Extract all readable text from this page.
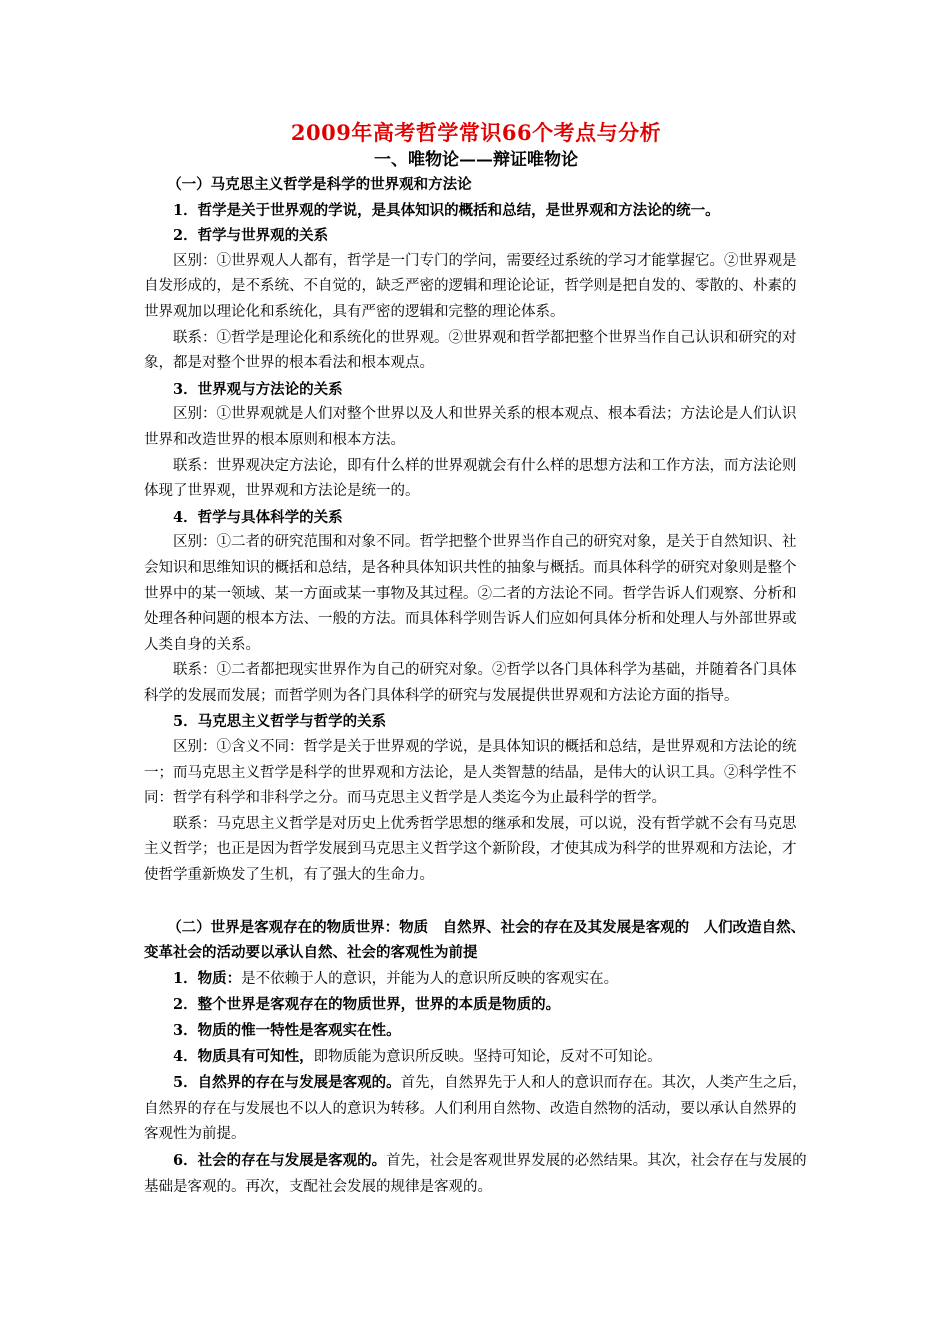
2009年高考哲学常识66个考点与分析

一、唯物论——辩证唯物论

（一）马克思主义哲学是科学的世界观和方法论

1．哲学是关于世界观的学说，是具体知识的概括和总结，是世界观和方法论的统一。

2．哲学与世界观的关系

区别：①世界观人人都有，哲学是一门专门的学问，需要经过系统的学习才能掌握它。②世界观是自发形成的，是不系统、不自觉的，缺乏严密的逻辑和理论论证，哲学则是把自发的、零散的、朴素的世界观加以理论化和系统化，具有严密的逻辑和完整的理论体系。

联系：①哲学是理论化和系统化的世界观。②世界观和哲学都把整个世界当作自己认识和研究的对象，都是对整个世界的根本看法和根本观点。

3．世界观与方法论的关系

区别：①世界观就是人们对整个世界以及人和世界关系的根本观点、根本看法；方法论是人们认识世界和改造世界的根本原则和根本方法。

联系：世界观决定方法论，即有什么样的世界观就会有什么样的思想方法和工作方法，而方法论则体现了世界观，世界观和方法论是统一的。

4．哲学与具体科学的关系

区别：①二者的研究范围和对象不同。哲学把整个世界当作自己的研究对象，是关于自然知识、社会知识和思维知识的概括和总结，是各种具体知识共性的抽象与概括。而具体科学的研究对象则是整个世界中的某一领域、某一方面或某一事物及其过程。②二者的方法论不同。哲学告诉人们观察、分析和处理各种问题的根本方法、一般的方法。而具体科学则告诉人们应如何具体分析和处理人与外部世界或人类自身的关系。

联系：①二者都把现实世界作为自己的研究对象。②哲学以各门具体科学为基础，并随着各门具体科学的发展而发展；而哲学则为各门具体科学的研究与发展提供世界观和方法论方面的指导。

5．马克思主义哲学与哲学的关系

区别：①含义不同：哲学是关于世界观的学说，是具体知识的概括和总结，是世界观和方法论的统一；而马克思主义哲学是科学的世界观和方法论，是人类智慧的结晶，是伟大的认识工具。②科学性不同：哲学有科学和非科学之分。而马克思主义哲学是人类迄今为止最科学的哲学。

联系：马克思主义哲学是对历史上优秀哲学思想的继承和发展，可以说，没有哲学就不会有马克思主义哲学；也正是因为哲学发展到马克思主义哲学这个新阶段，才使其成为科学的世界观和方法论，才使哲学重新焕发了生机，有了强大的生命力。

（二）世界是客观存在的物质世界：物质　自然界、社会的存在及其发展是客观的　人们改造自然、变革社会的活动要以承认自然、社会的客观性为前提

1．物质：是不依赖于人的意识，并能为人的意识所反映的客观实在。

2．整个世界是客观存在的物质世界，世界的本质是物质的。

3．物质的惟一特性是客观实在性。

4．物质具有可知性，即物质能为意识所反映。坚持可知论，反对不可知论。

5．自然界的存在与发展是客观的。首先，自然界先于人和人的意识而存在。其次，人类产生之后，自然界的存在与发展也不以人的意识为转移。人们利用自然物、改造自然物的活动，要以承认自然界的客观性为前提。

6．社会的存在与发展是客观的。首先，社会是客观世界发展的必然结果。其次，社会存在与发展的基础是客观的。再次，支配社会发展的规律是客观的。
